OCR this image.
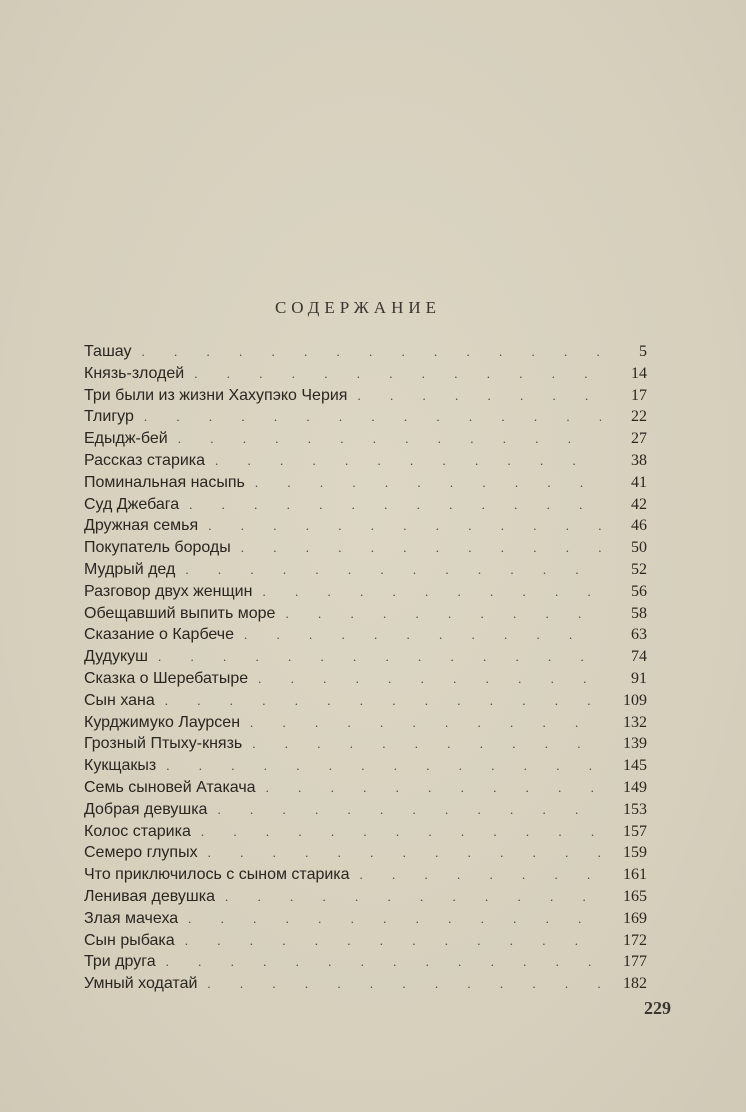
СОДЕРЖАНИЕ
Ташау . . .	5
Князь-злодей . . .	14
Три были из жизни Хахупэко Черия . . .	17
Тлигур . . .	22
Едыдж-бей . . .	27
Рассказ старика . . .	38
Поминальная насыпь . . .	41
Суд Джебага . . .	42
Дружная семья . . .	46
Покупатель бороды . . .	50
Мудрый дед . . .	52
Разговор двух женщин . . .	56
Обещавший выпить море . . .	58
Сказание о Карбече . . .	63
Дудукуш . . .	74
Сказка о Шеребатыре . . .	91
Сын хана . . .	109
Курджимуко Лаурсен . . .	132
Грозный Птыху-князь . . .	139
Кукщакыз . . .	145
Семь сыновей Атакача . . .	149
Добрая девушка . . .	153
Колос старика . . .	157
Семеро глупых . . .	159
Что приключилось с сыном старика . . .	161
Ленивая девушка . . .	165
Злая мачеха . . .	169
Сын рыбака . . .	172
Три друга . . .	177
Умный ходатай . . .	182
229
